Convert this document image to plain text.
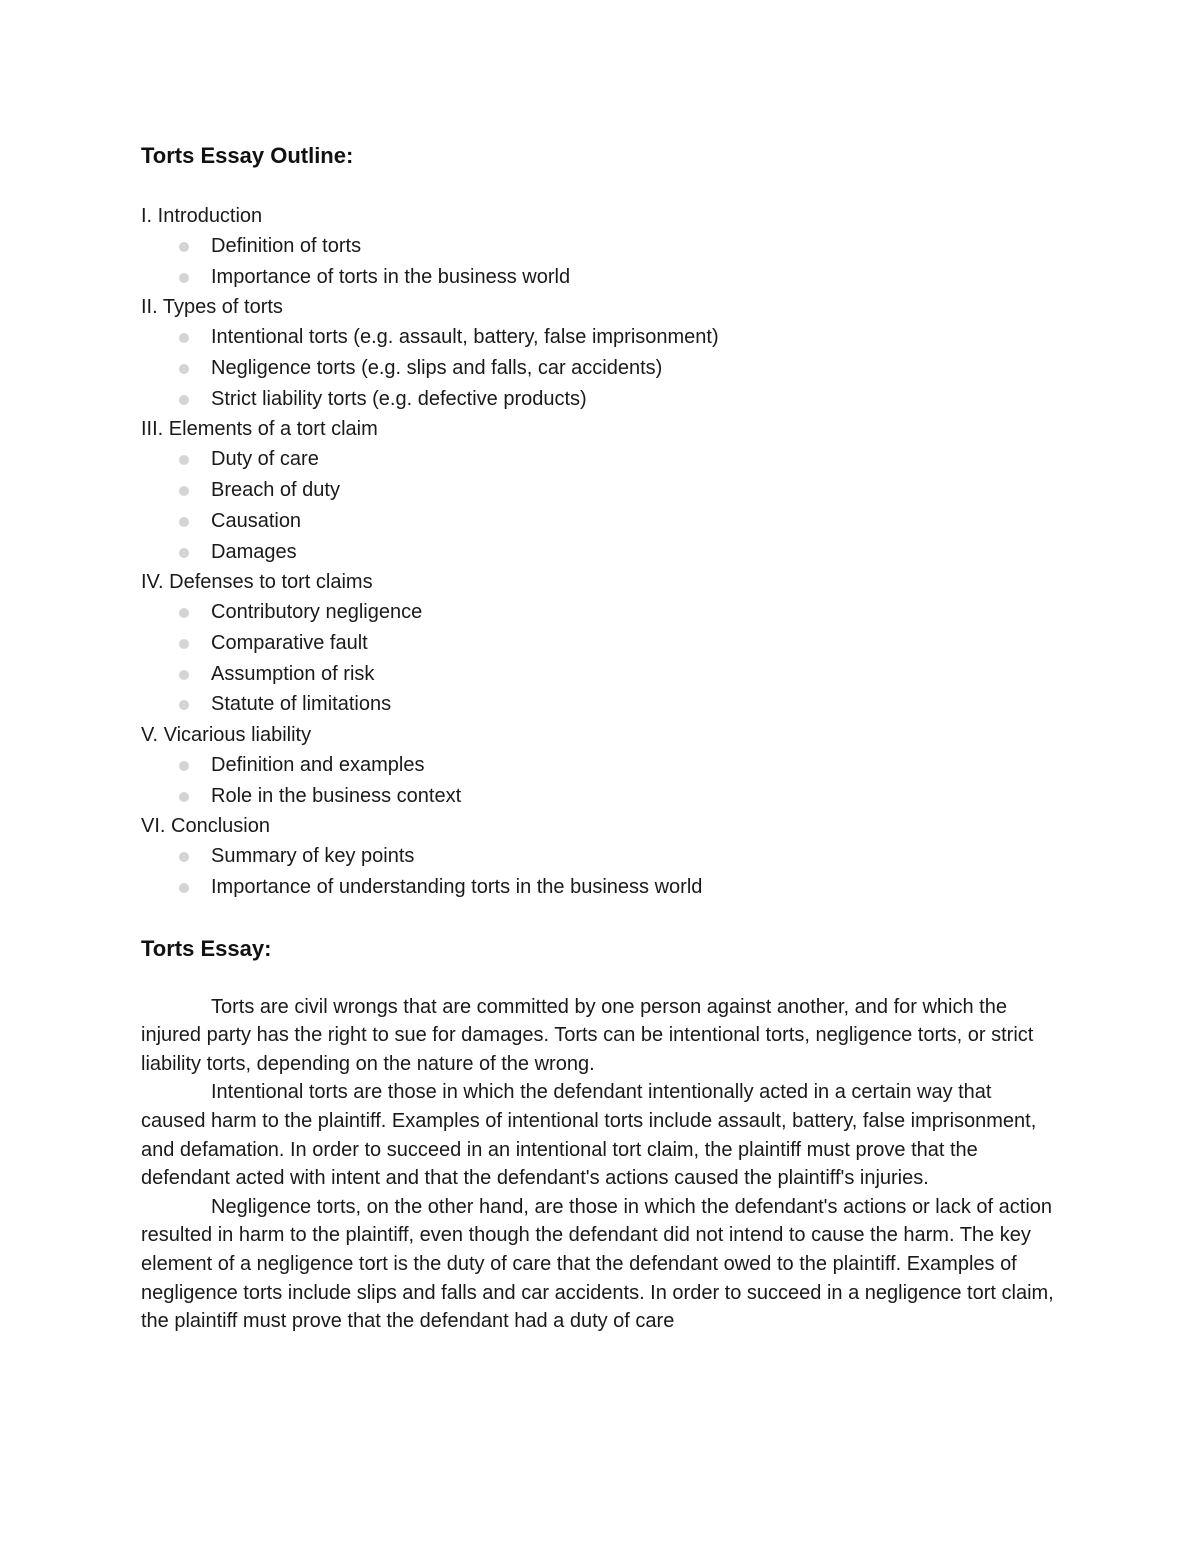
Torts Essay Outline:

I. Introduction

Definition of torts
Importance of torts in the business world

II. Types of torts

Intentional torts (e.g. assault, battery, false imprisonment)
Negligence torts (e.g. slips and falls, car accidents)
Strict liability torts (e.g. defective products)

III. Elements of a tort claim

Duty of care
Breach of duty
Causation
Damages

IV. Defenses to tort claims

Contributory negligence
Comparative fault
Assumption of risk
Statute of limitations

V. Vicarious liability

Definition and examples
Role in the business context

VI. Conclusion

Summary of key points
Importance of understanding torts in the business world
Torts Essay:

Torts are civil wrongs that are committed by one person against another, and for which the injured party has the right to sue for damages. Torts can be intentional torts, negligence torts, or strict liability torts, depending on the nature of the wrong.

Intentional torts are those in which the defendant intentionally acted in a certain way that caused harm to the plaintiff. Examples of intentional torts include assault, battery, false imprisonment, and defamation. In order to succeed in an intentional tort claim, the plaintiff must prove that the defendant acted with intent and that the defendant's actions caused the plaintiff's injuries.

Negligence torts, on the other hand, are those in which the defendant's actions or lack of action resulted in harm to the plaintiff, even though the defendant did not intend to cause the harm. The key element of a negligence tort is the duty of care that the defendant owed to the plaintiff. Examples of negligence torts include slips and falls and car accidents. In order to succeed in a negligence tort claim, the plaintiff must prove that the defendant had a duty of care
